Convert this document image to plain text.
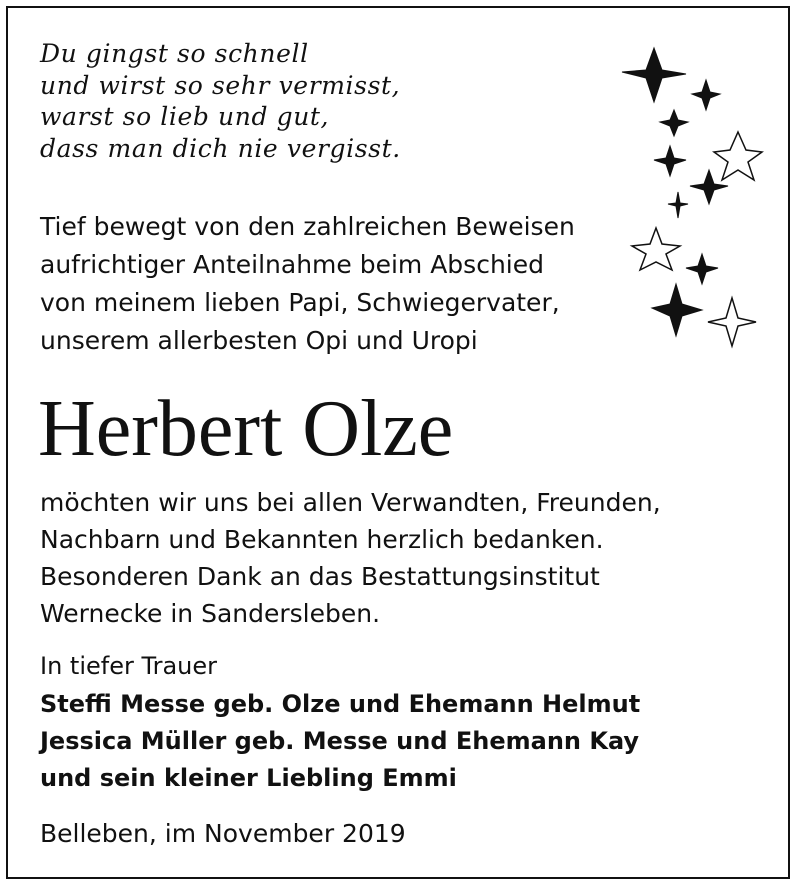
Du gingst so schnell
und wirst so sehr vermisst,
warst so lieb und gut,
dass man dich nie vergisst.
Tief bewegt von den zahlreichen Beweisen
aufrichtiger Anteilnahme beim Abschied
von meinem lieben Papi, Schwiegervater,
unserem allerbesten Opi und Uropi
Herbert Olze
möchten wir uns bei allen Verwandten, Freunden,
Nachbarn und Bekannten herzlich bedanken.
Besonderen Dank an das Bestattungsinstitut
Wernecke in Sandersleben.
In tiefer Trauer
Steffi Messe geb. Olze und Ehemann Helmut
Jessica Müller geb. Messe und Ehemann Kay
und sein kleiner Liebling Emmi
Belleben, im November 2019
